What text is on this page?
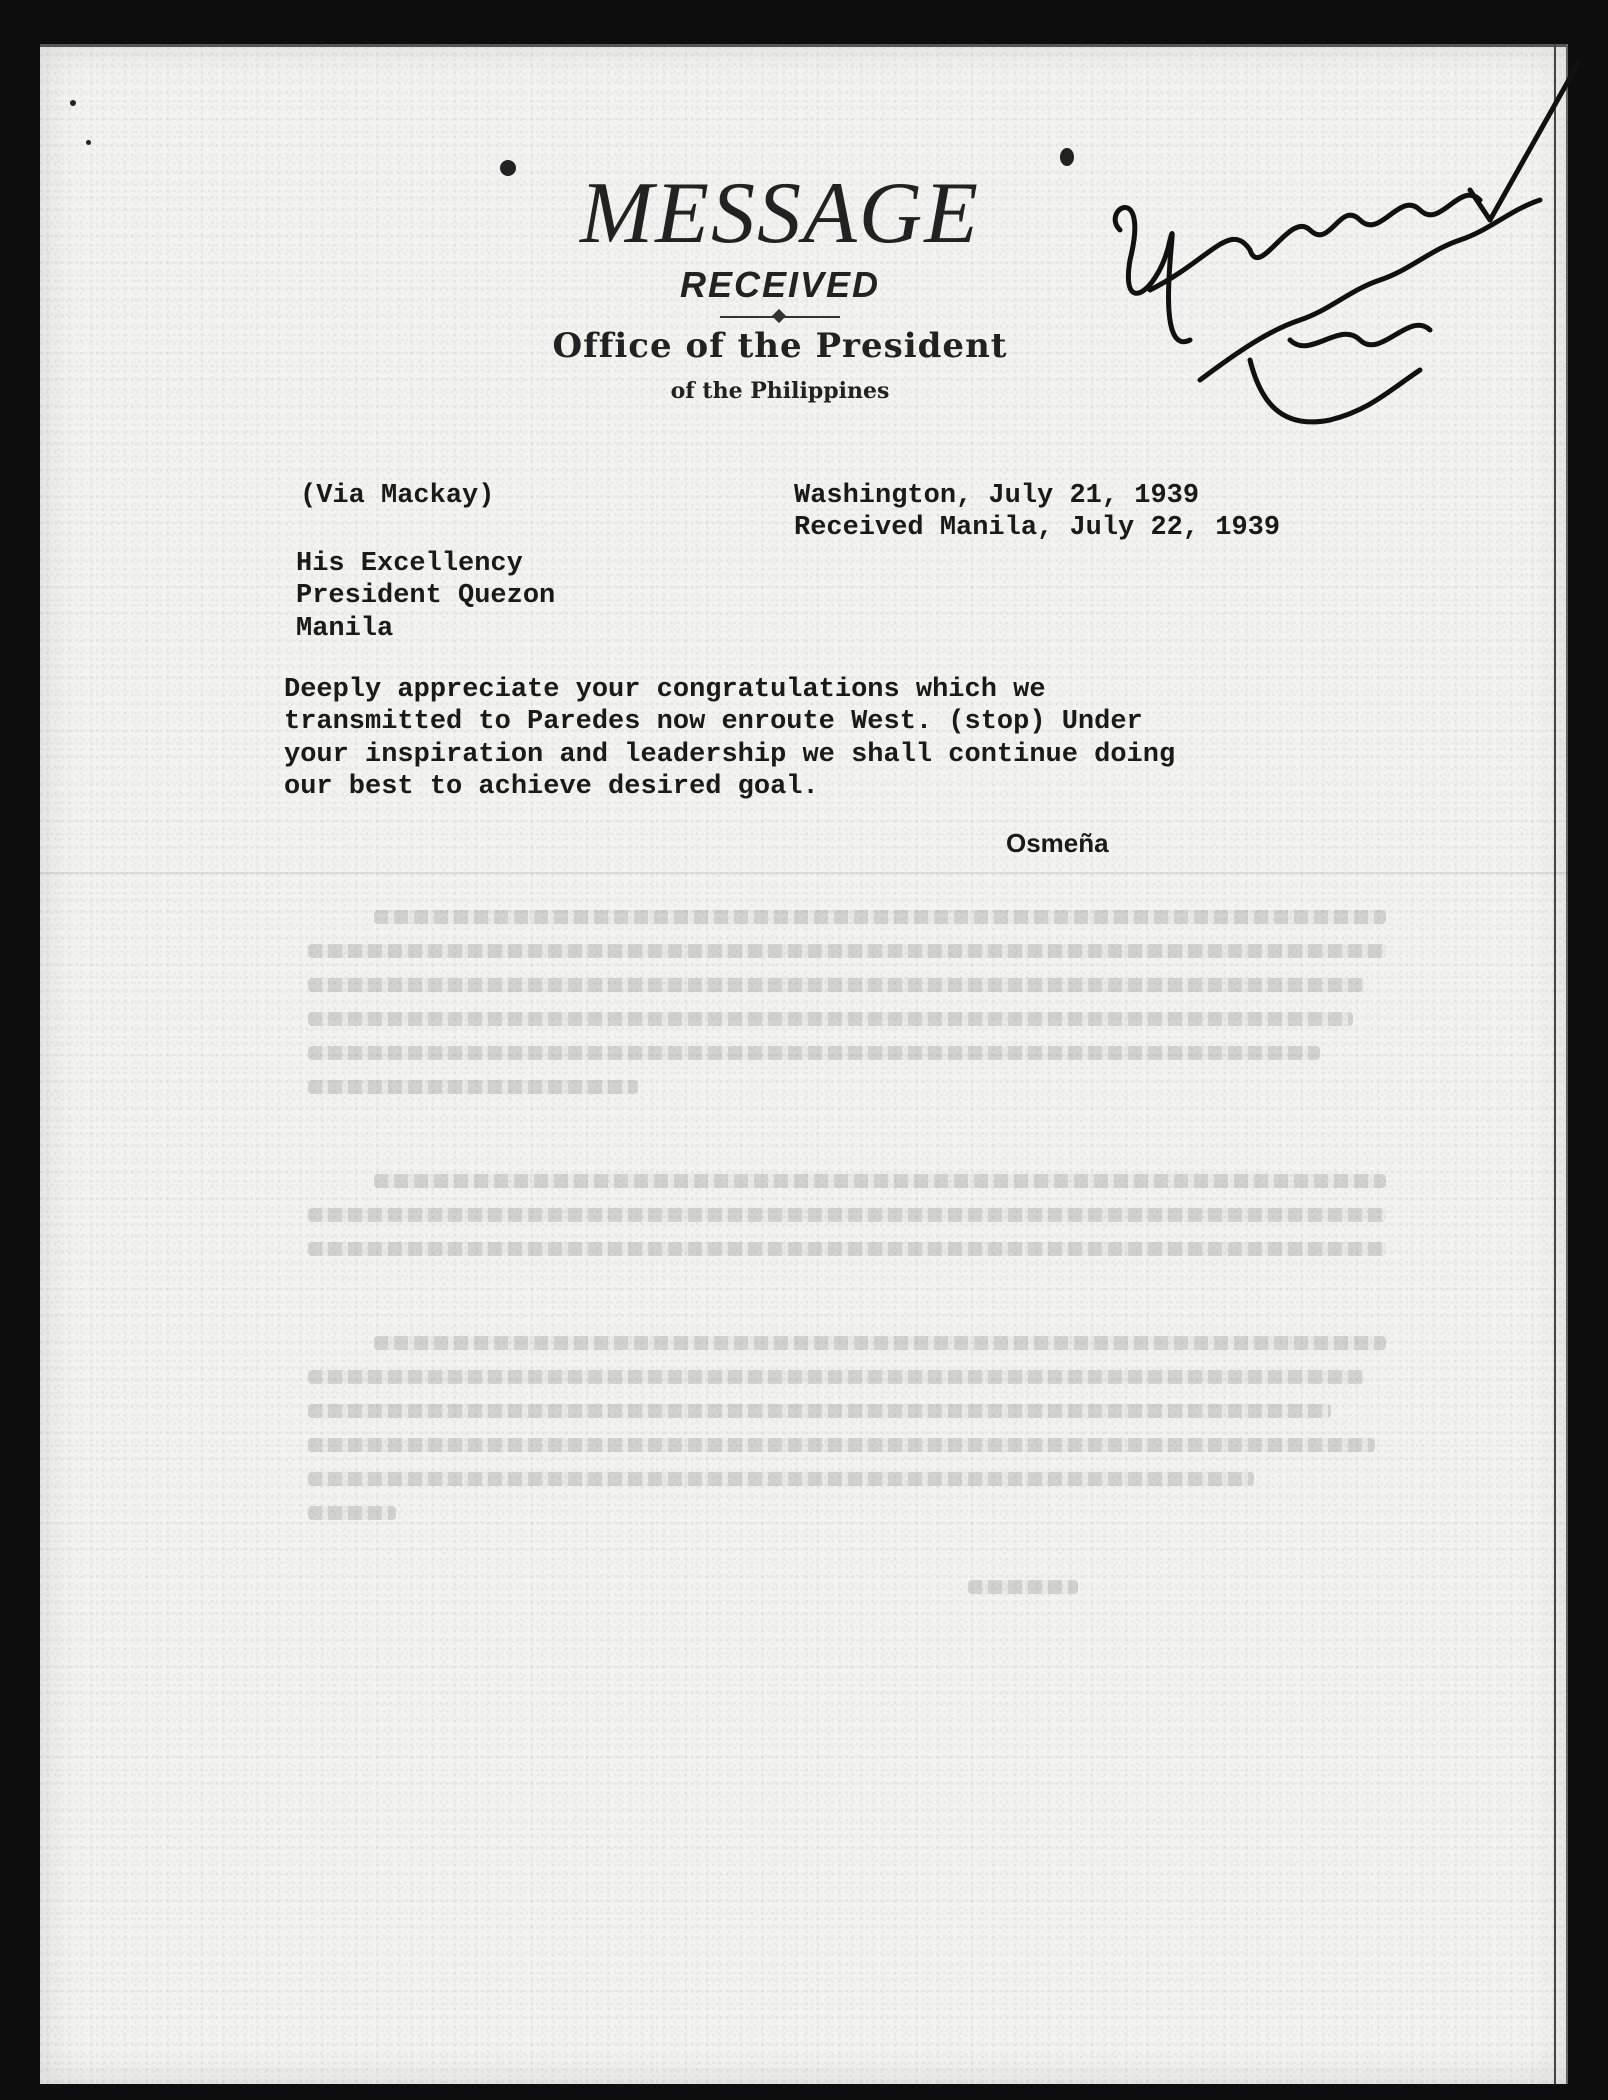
MESSAGE
RECEIVED
Office of the President
of the Philippines
(Via Mackay)	Washington, July 21, 1939
Received Manila, July 22, 1939
His Excellency
President Quezon
Manila
Deeply appreciate your congratulations which we
transmitted to Paredes now enroute West. (stop) Under
your inspiration and leadership we shall continue doing
our best to achieve desired goal.
Osmeña
